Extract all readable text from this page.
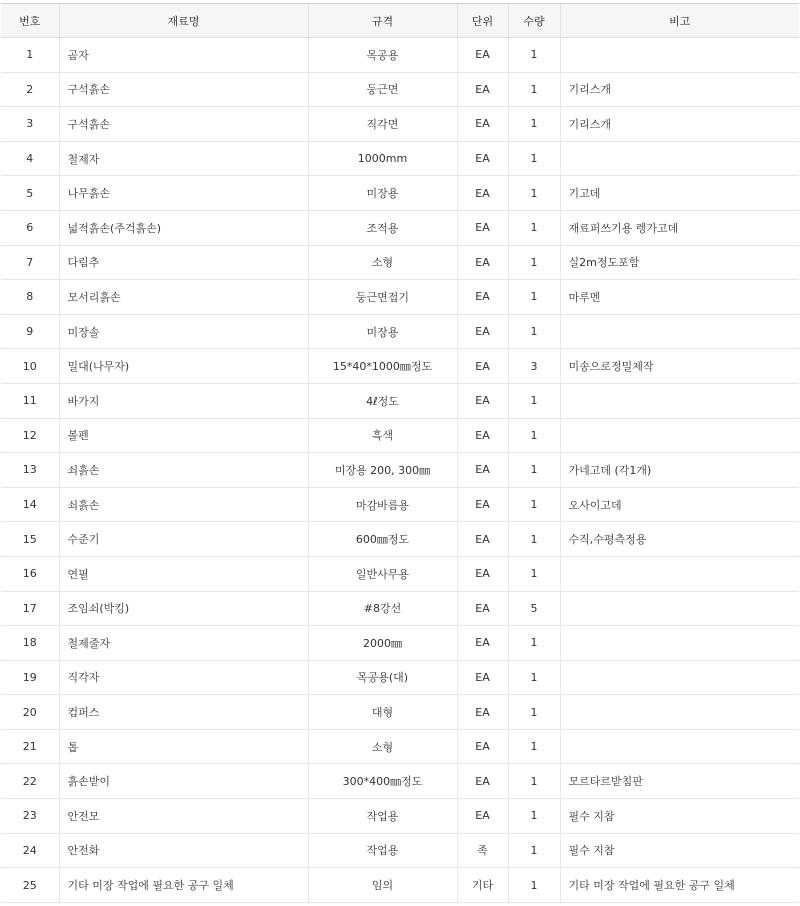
번호	재료명	규격	단위	수량	비고
1	곰자	목공용	EA	1	
2	구석흙손	둥근면	EA	1	기리스개
3	구석흙손	직각면	EA	1	기리스개
4	철제자	1000mm	EA	1	
5	나무흙손	미장용	EA	1	기고데
6	넓적흙손(주걱흙손)	조적용	EA	1	재료퍼쓰기용 렝가고데
7	다림추	소형	EA	1	실2m정도포함
8	모서리흙손	둥근면접기	EA	1	마루멘
9	미장솔	미장용	EA	1	
10	밀대(나무자)	15*40*1000㎜정도	EA	3	미송으로정밀제작
11	바가지	4ℓ정도	EA	1	
12	볼펜	흑색	EA	1	
13	쇠흙손	미장용 200, 300㎜	EA	1	가네고데 (각1개)
14	쇠흙손	마감바름용	EA	1	오사이고데
15	수준기	600㎜정도	EA	1	수직,수평측정용
16	연필	일반사무용	EA	1	
17	조임쇠(박킹)	#8강선	EA	5	
18	철제줄자	2000㎜	EA	1	
19	직각자	목공용(대)	EA	1	
20	컴퍼스	대형	EA	1	
21	톱	소형	EA	1	
22	흙손받이	300*400㎜정도	EA	1	모르타르받침판
23	안전모	작업용	EA	1	필수 지참
24	안전화	작업용	족	1	필수 지참
25	기타 미장 작업에 필요한 공구 일체	임의	기타	1	기타 미장 작업에 필요한 공구 일체
